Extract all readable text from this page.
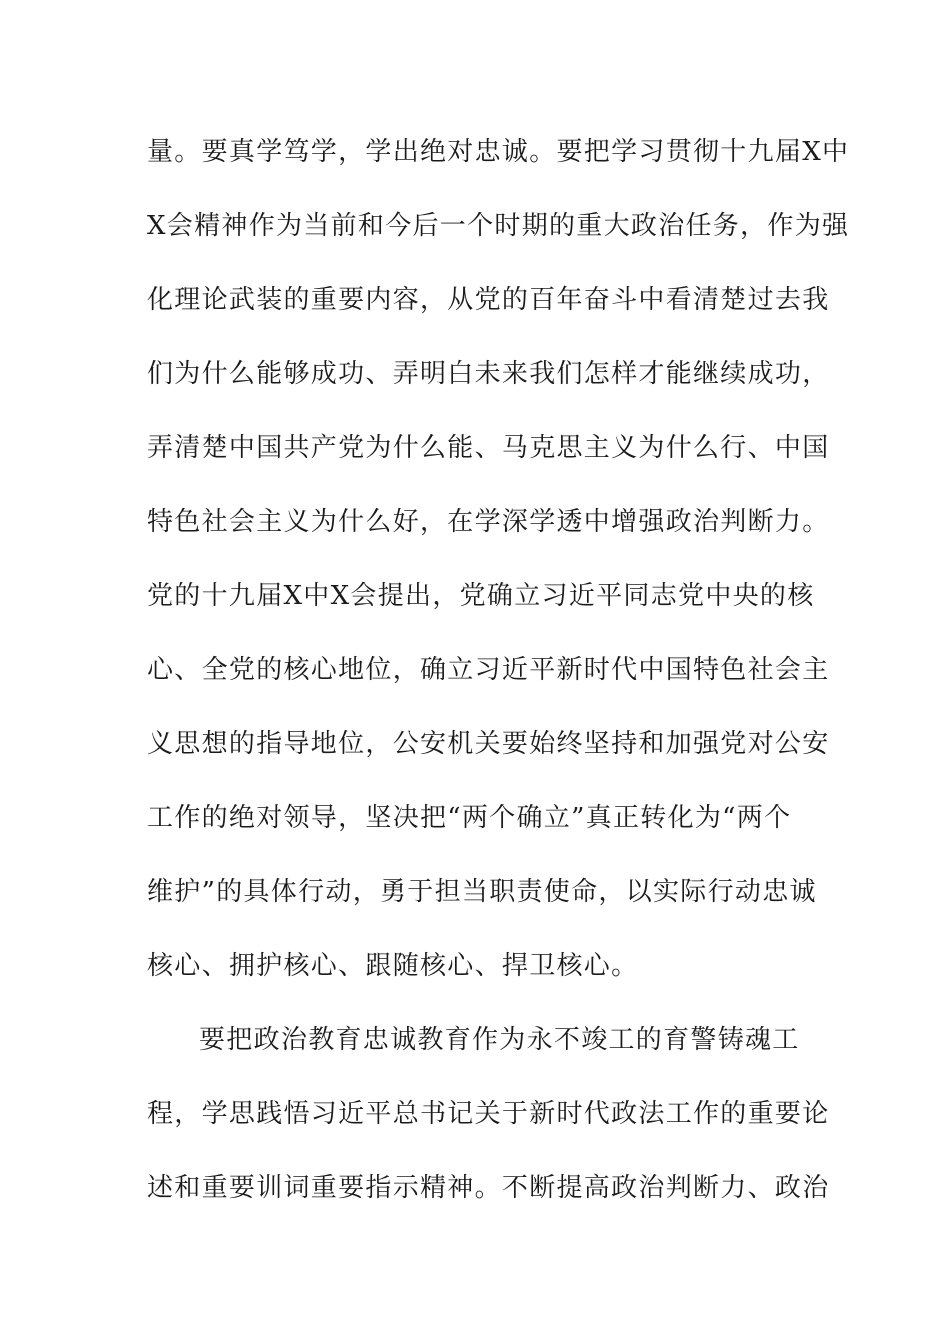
量。要真学笃学，学出绝对忠诚。要把学习贯彻十九届X中
X会精神作为当前和今后一个时期的重大政治任务，作为强
化理论武装的重要内容，从党的百年奋斗中看清楚过去我
们为什么能够成功、弄明白未来我们怎样才能继续成功，
弄清楚中国共产党为什么能、马克思主义为什么行、中国
特色社会主义为什么好，在学深学透中增强政治判断力。
党的十九届X中X会提出，党确立习近平同志党中央的核
心、全党的核心地位，确立习近平新时代中国特色社会主
义思想的指导地位，公安机关要始终坚持和加强党对公安
工作的绝对领导，坚决把“两个确立”真正转化为“两个
维护”的具体行动，勇于担当职责使命，以实际行动忠诚
核心、拥护核心、跟随核心、捍卫核心。
要把政治教育忠诚教育作为永不竣工的育警铸魂工
程，学思践悟习近平总书记关于新时代政法工作的重要论
述和重要训词重要指示精神。不断提高政治判断力、政治
